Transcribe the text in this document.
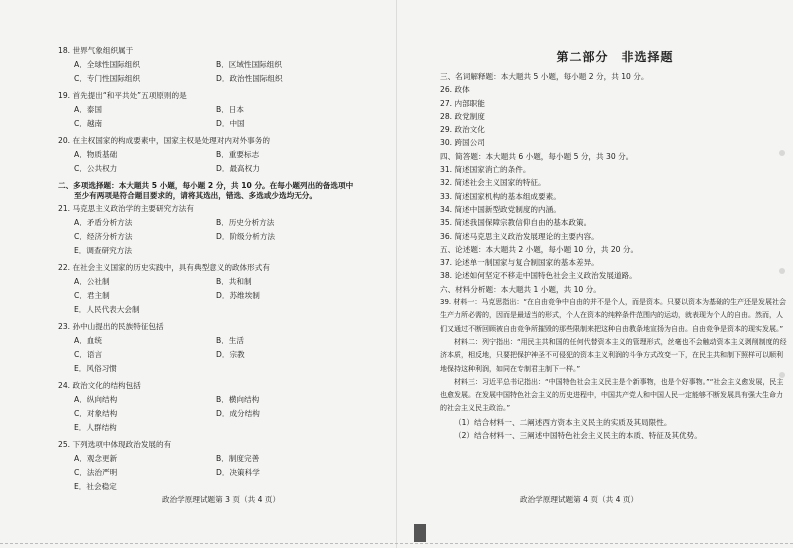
18. 世界气象组织属于

A．全球性国际组织	B．区域性国际组织
C．专门性国际组织	D．政治性国际组织

19. 首先提出“和平共处”五项原则的是

A．泰国	B．日本
C．越南	D．中国

20. 在主权国家的构成要素中，国家主权是处理对内对外事务的

A．物质基础	B．重要标志
C．公共权力	D．最高权力

二、多项选择题：本大题共 5 小题，每小题 2 分，共 10 分。在每小题列出的备选项中

至少有两项是符合题目要求的，请将其选出，错选、多选或少选均无分。

21. 马克思主义政治学的主要研究方法有

A．矛盾分析方法	B．历史分析方法
C．经济分析方法	D．阶级分析方法
E．调查研究方法

22. 在社会主义国家的历史实践中，具有典型意义的政体形式有

A．公社制	B．共和制
C．君主制	D．苏维埃制
E．人民代表大会制

23. 孙中山提出的民族特征包括

A．血统	B．生活
C．语言	D．宗教
E．风俗习惯

24. 政治文化的结构包括

A．纵向结构	B．横向结构
C．对象结构	D．成分结构
E．人群结构

25. 下列选项中体现政治发展的有

A．观念更新	B．制度完善
C．法治严明	D．决策科学
E．社会稳定
政治学原理试题第 3 页（共 4 页）

第二部分　非选择题

三、名词解释题：本大题共 5 小题，每小题 2 分，共 10 分。

26. 政体

27. 内部职能

28. 政党制度

29. 政治文化

30. 跨国公司

四、简答题：本大题共 6 小题，每小题 5 分，共 30 分。

31. 简述国家消亡的条件。

32. 简述社会主义国家的特征。

33. 简述国家机构的基本组成要素。

34. 简述中国新型政党制度的内涵。

35. 简述我国保障宗教信仰自由的基本政策。

36. 简述马克思主义政治发展理论的主要内容。

五、论述题：本大题共 2 小题，每小题 10 分，共 20 分。

37. 论述单一制国家与复合制国家的基本差异。

38. 论述如何坚定不移走中国特色社会主义政治发展道路。

六、材料分析题：本大题共 1 小题，共 10 分。

39. 材料一：马克思指出：“在自由竞争中自由的并不是个人，而是资本。只要以资本为基础的生产还是发展社会生产力所必需的，因而是最适当的形式，个人在资本的纯粹条件范围内的运动，就表现为个人的自由。然而，人们又通过不断回顾被自由竞争所摧毁的那些限制来把这种自由教条地宣扬为自由。自由竞争是资本的现实发展。”

材料二：列宁指出：“用民主共和国的任何代替资本主义的管理形式，丝毫也不会触动资本主义剥削制度的经济本质，相反地，只要把保护神圣不可侵犯的资本主义利润的斗争方式改变一下，在民主共和制下照样可以顺利地保持这种利润，如同在专制君主制下一样。”

材料三：习近平总书记指出：“中国特色社会主义民主是个新事物，也是个好事物。”“社会主义愈发展，民主也愈发展。在发展中国特色社会主义的历史进程中，中国共产党人和中国人民一定能够不断发展具有强大生命力的社会主义民主政治。”

（1）结合材料一、二阐述西方资本主义民主的实质及其局限性。

（2）结合材料一、三阐述中国特色社会主义民主的本质、特征及其优势。

政治学原理试题第 4 页（共 4 页）
